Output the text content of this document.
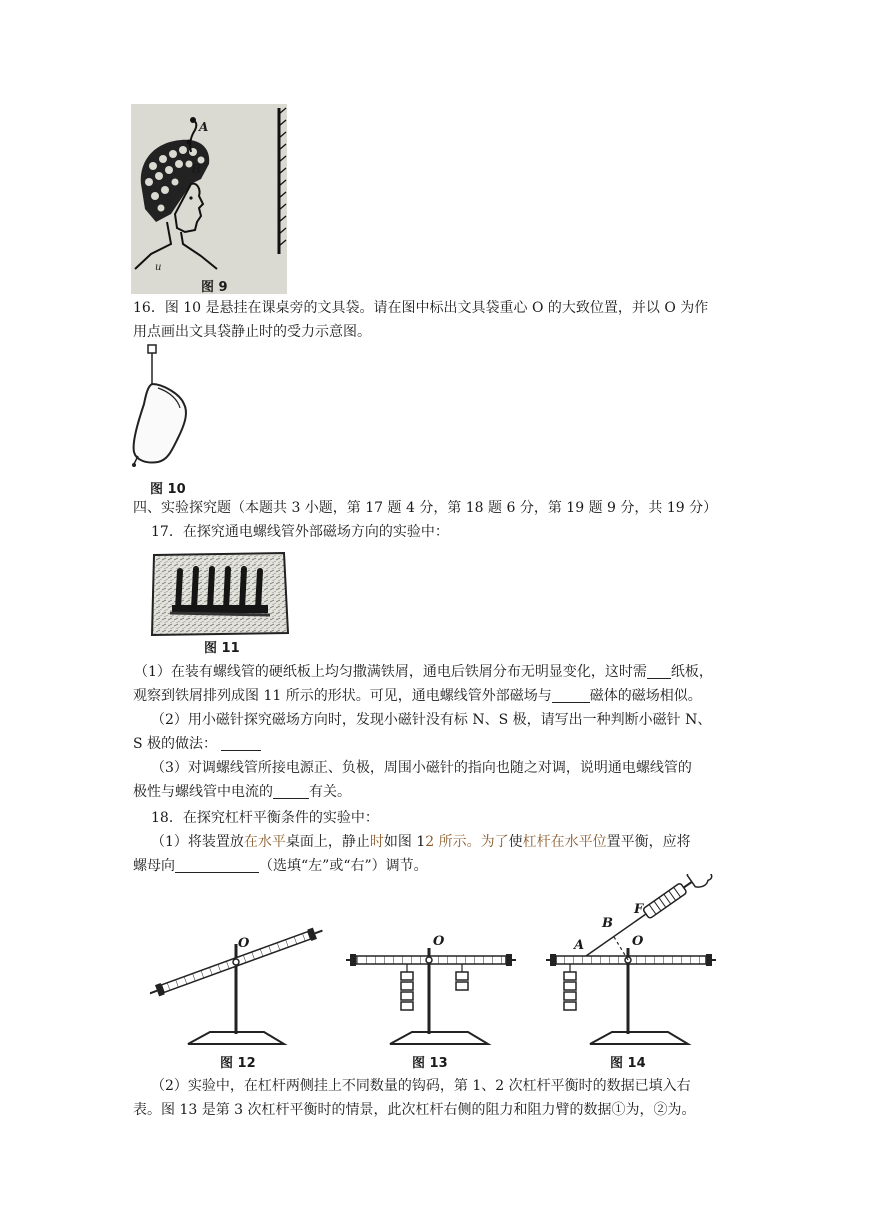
u
A
B
图 9
16．图 10 是悬挂在课桌旁的文具袋。请在图中标出文具袋重心 O 的大致位置，并以 O 为作
用点画出文具袋静止时的受力示意图。
图 10
四、实验探究题（本题共 3 小题，第 17 题 4 分，第 18 题 6 分，第 19 题 9 分，共 19 分）
17．在探究通电螺线管外部磁场方向的实验中：
图 11
（1）在装有螺线管的硬纸板上均匀撒满铁屑，通电后铁屑分布无明显变化，这时需 纸板，
观察到铁屑排列成图 11 所示的形状。可见，通电螺线管外部磁场与	磁体的磁场相似。
（2）用小磁针探究磁场方向时，发现小磁针没有标 N、S 极，请写出一种判断小磁针 N、
S 极的做法：
（3）对调螺线管所接电源正、负极，周围小磁针的指向也随之对调，说明通电螺线管的
极性与螺线管中电流的	有关。
18．在探究杠杆平衡条件的实验中：
（1）将装置放在水平桌面上，静止时如图 12 所示。为了使杠杆在水平位置平衡，应将
螺母向	（选填“左”或“右”）调节。
O
图 12
O
图 13
A
B
F
O
图 14
（2）实验中，在杠杆两侧挂上不同数量的钩码，第 1、2 次杠杆平衡时的数据已填入右
表。图 13 是第 3 次杠杆平衡时的情景，此次杠杆右侧的阻力和阻力臂的数据①为，②为。
